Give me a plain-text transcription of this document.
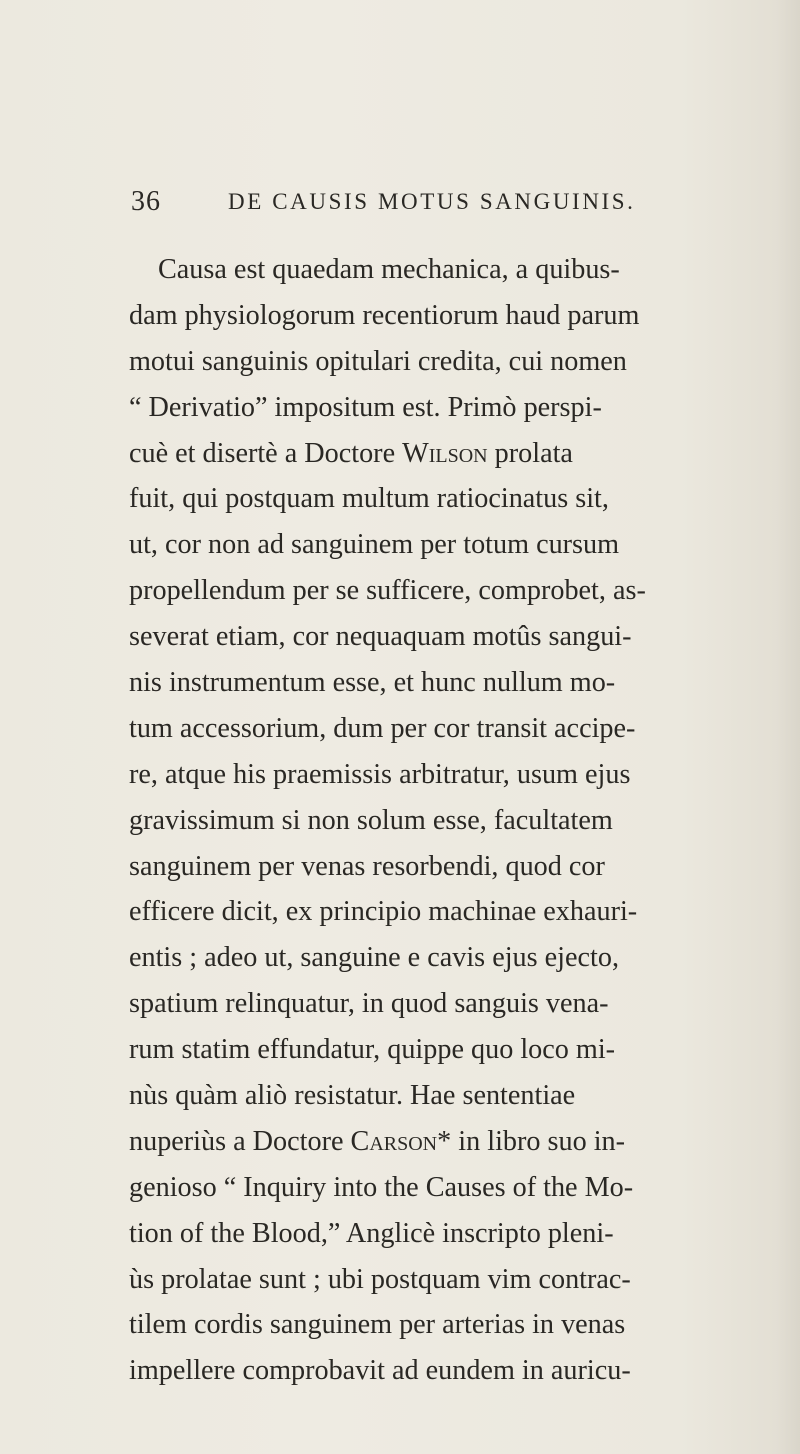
36	DE CAUSIS MOTUS SANGUINIS.
Causa est quaedam mechanica, a quibus-
dam physiologorum recentiorum haud parum
motui sanguinis opitulari credita, cui nomen
“ Derivatio” impositum est. Primò perspi-
cuè et disertè a Doctore Wilson prolata
fuit, qui postquam multum ratiocinatus sit,
ut, cor non ad sanguinem per totum cursum
propellendum per se sufficere, comprobet, as-
severat etiam, cor nequaquam motûs sangui-
nis instrumentum esse, et hunc nullum mo-
tum accessorium, dum per cor transit accipe-
re, atque his praemissis arbitratur, usum ejus
gravissimum si non solum esse, facultatem
sanguinem per venas resorbendi, quod cor
efficere dicit, ex principio machinae exhauri-
entis ; adeo ut, sanguine e cavis ejus ejecto,
spatium relinquatur, in quod sanguis vena-
rum statim effundatur, quippe quo loco mi-
nùs quàm aliò resistatur. Hae sententiae
nuperiùs a Doctore Carson* in libro suo in-
genioso “ Inquiry into the Causes of the Mo-
tion of the Blood,” Anglicè inscripto pleni-
ùs prolatae sunt ; ubi postquam vim contrac-
tilem cordis sanguinem per arterias in venas
impellere comprobavit ad eundem in auricu-
